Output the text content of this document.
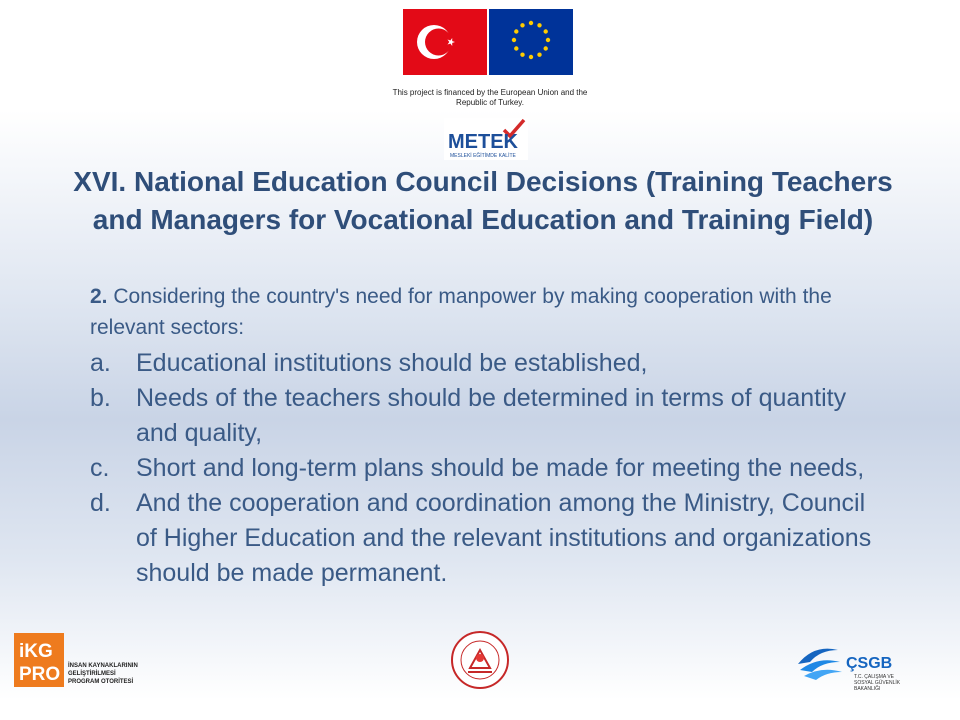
This project is financed by the European Union and the Republic of Turkey.
METEK
MESLEKİ EĞİTİMDE KALİTE
XVI. National Education Council Decisions (Training Teachers and Managers for Vocational Education and Training Field)

2. Considering the country's need for manpower by making cooperation with the relevant sectors:

a.	Educational institutions should be established,
b.	Needs of the teachers should be determined in terms of quantity and quality,
c.	Short and long-term plans should be made for meeting the needs,
d.	And the cooperation and coordination among the Ministry, Council of Higher Education and the relevant institutions and organizations should be made permanent.
iKG
PRO İNSAN KAYNAKLARININ
GELİŞTİRİLMESİ
PROGRAM OTORİTESİ
ÇSGB
T.C. ÇALIŞMA VE
SOSYAL GÜVENLİK
BAKANLIĞI
